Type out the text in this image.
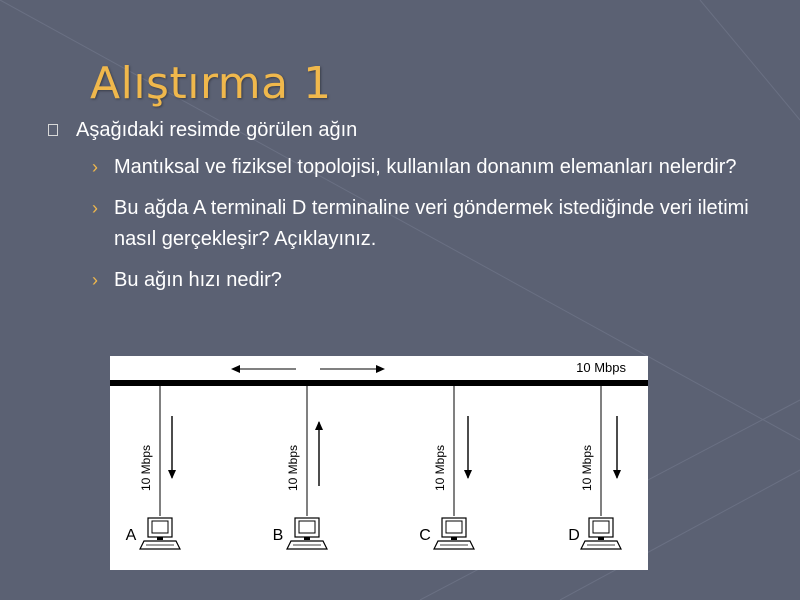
Alıştırma 1
Aşağıdaki resimde görülen ağın
› Mantıksal ve fiziksel topolojisi, kullanılan donanım elemanları nelerdir?
› Bu ağda A terminali D terminaline veri göndermek istediğinde veri iletimi nasıl gerçekleşir? Açıklayınız.
› Bu ağın hızı nedir?
10 Mbps
10 Mbps
A
10 Mbps
B
10 Mbps
C
10 Mbps
D
